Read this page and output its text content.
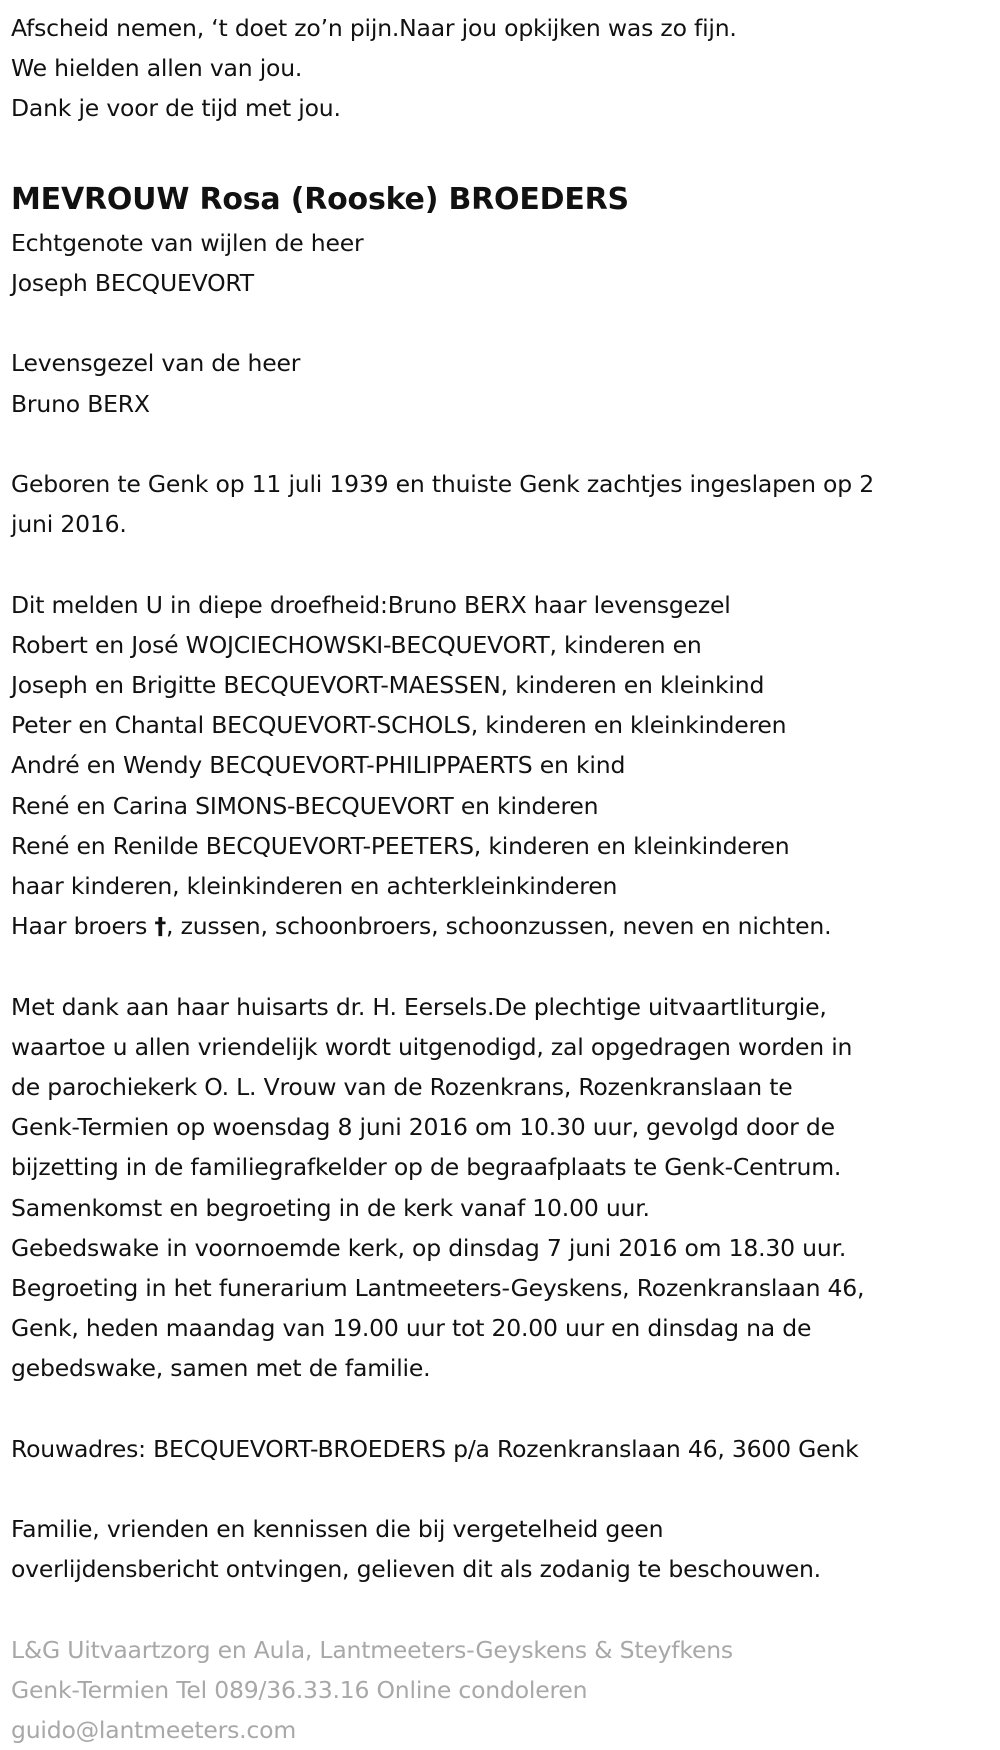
Afscheid nemen, ‘t doet zo’n pijn.Naar jou opkijken was zo fijn.
We hielden allen van jou.
Dank je voor de tijd met jou.
MEVROUW Rosa (Rooske) BROEDERS
Echtgenote van wijlen de heer
Joseph BECQUEVORT
Levensgezel van de heer
Bruno BERX
Geboren te Genk op 11 juli 1939 en thuiste Genk zachtjes ingeslapen op 2
juni 2016.
Dit melden U in diepe droefheid:Bruno BERX haar levensgezel
Robert en José WOJCIECHOWSKI-BECQUEVORT, kinderen en
Joseph en Brigitte BECQUEVORT-MAESSEN, kinderen en kleinkind
Peter en Chantal BECQUEVORT-SCHOLS, kinderen en kleinkinderen
André en Wendy BECQUEVORT-PHILIPPAERTS en kind
René en Carina SIMONS-BECQUEVORT en kinderen
René en Renilde BECQUEVORT-PEETERS, kinderen en kleinkinderen
haar kinderen, kleinkinderen en achterkleinkinderen
Haar broers †, zussen, schoonbroers, schoonzussen, neven en nichten.
Met dank aan haar huisarts dr. H. Eersels.De plechtige uitvaartliturgie,
waartoe u allen vriendelijk wordt uitgenodigd, zal opgedragen worden in
de parochiekerk O. L. Vrouw van de Rozenkrans, Rozenkranslaan te
Genk-Termien op woensdag 8 juni 2016 om 10.30 uur, gevolgd door de
bijzetting in de familiegrafkelder op de begraafplaats te Genk-Centrum.
Samenkomst en begroeting in de kerk vanaf 10.00 uur.
Gebedswake in voornoemde kerk, op dinsdag 7 juni 2016 om 18.30 uur.
Begroeting in het funerarium Lantmeeters-Geyskens, Rozenkranslaan 46,
Genk, heden maandag van 19.00 uur tot 20.00 uur en dinsdag na de
gebedswake, samen met de familie.
Rouwadres: BECQUEVORT-BROEDERS p/a Rozenkranslaan 46, 3600 Genk
Familie, vrienden en kennissen die bij vergetelheid geen
overlijdensbericht ontvingen, gelieven dit als zodanig te beschouwen.
L&G Uitvaartzorg en Aula, Lantmeeters-Geyskens & Steyfkens
Genk-Termien Tel 089/36.33.16 Online condoleren
guido@lantmeeters.com
